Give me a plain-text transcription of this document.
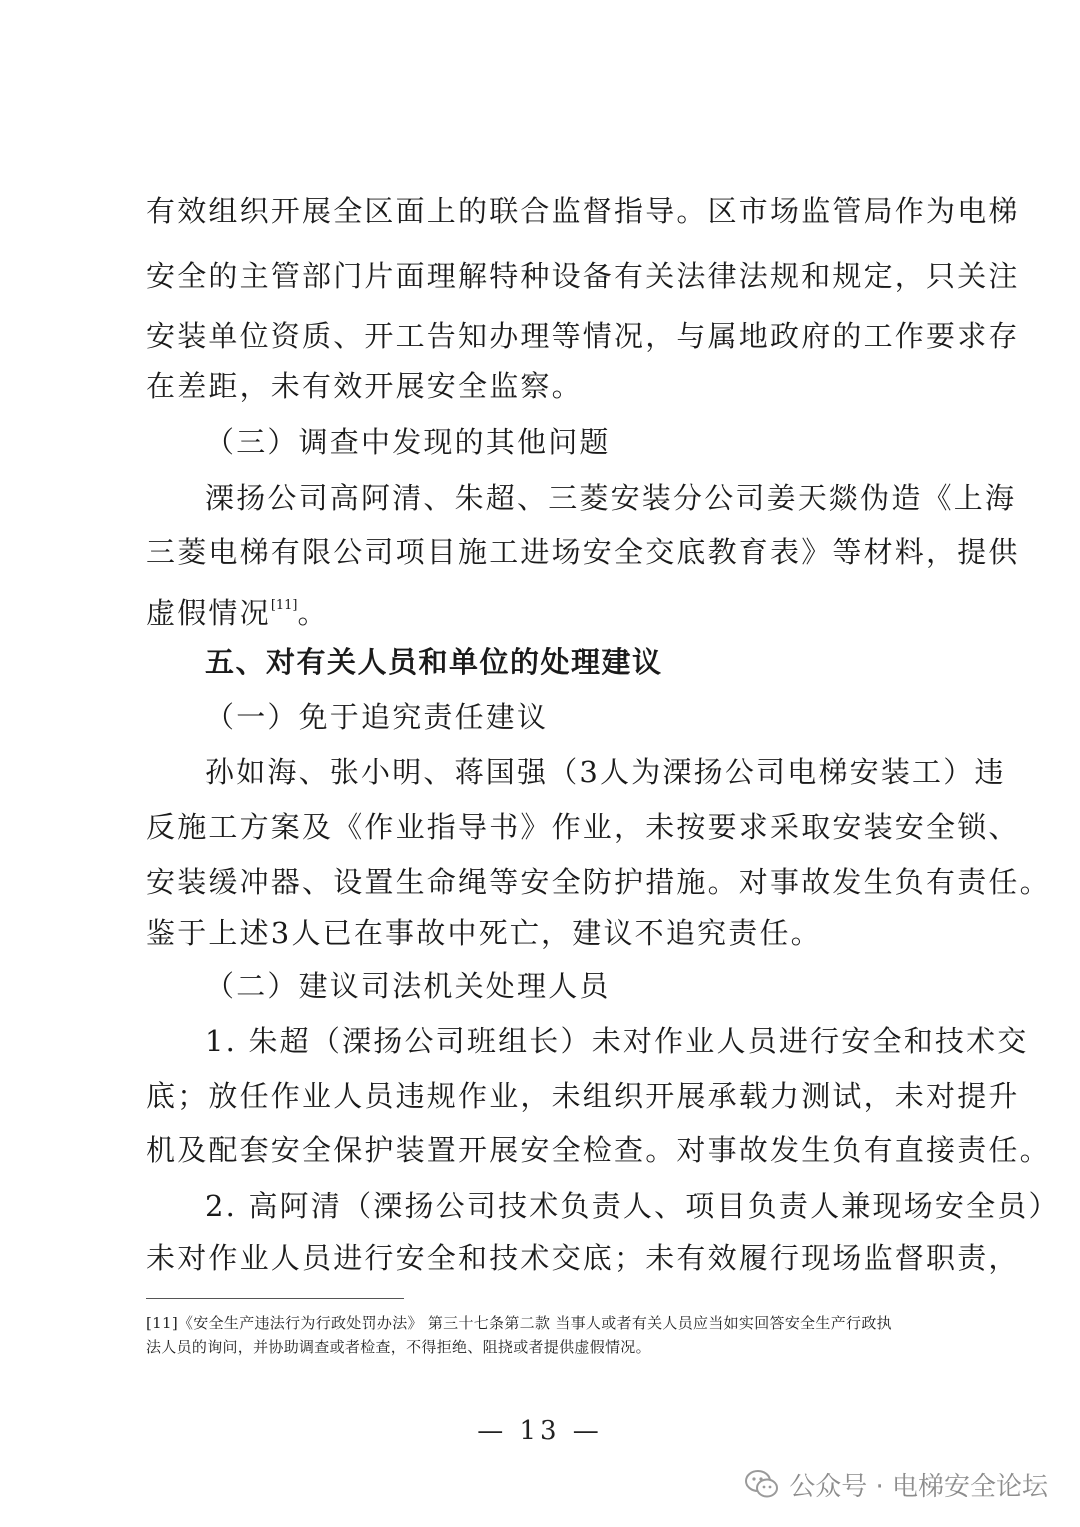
有效组织开展全区面上的联合监督指导。区市场监管局作为电梯
安全的主管部门片面理解特种设备有关法律法规和规定，只关注
安装单位资质、开工告知办理等情况，与属地政府的工作要求存
在差距，未有效开展安全监察。
（三）调查中发现的其他问题
溧扬公司高阿清、朱超、三菱安装分公司姜天燚伪造《上海
三菱电梯有限公司项目施工进场安全交底教育表》等材料，提供
虚假情况[11]。
五、对有关人员和单位的处理建议
（一）免于追究责任建议
孙如海、张小明、蒋国强（3人为溧扬公司电梯安装工）违
反施工方案及《作业指导书》作业，未按要求采取安装安全锁、
安装缓冲器、设置生命绳等安全防护措施。对事故发生负有责任。
鉴于上述3人已在事故中死亡，建议不追究责任。
（二）建议司法机关处理人员
1. 朱超（溧扬公司班组长）未对作业人员进行安全和技术交
底；放任作业人员违规作业，未组织开展承载力测试，未对提升
机及配套安全保护装置开展安全检查。对事故发生负有直接责任。
2. 高阿清（溧扬公司技术负责人、项目负责人兼现场安全员）
未对作业人员进行安全和技术交底；未有效履行现场监督职责，
[11]《安全生产违法行为行政处罚办法》 第三十七条第二款 当事人或者有关人员应当如实回答安全生产行政执
法人员的询问，并协助调查或者检查，不得拒绝、阻挠或者提供虚假情况。
— 13 —
公众号 · 电梯安全论坛
